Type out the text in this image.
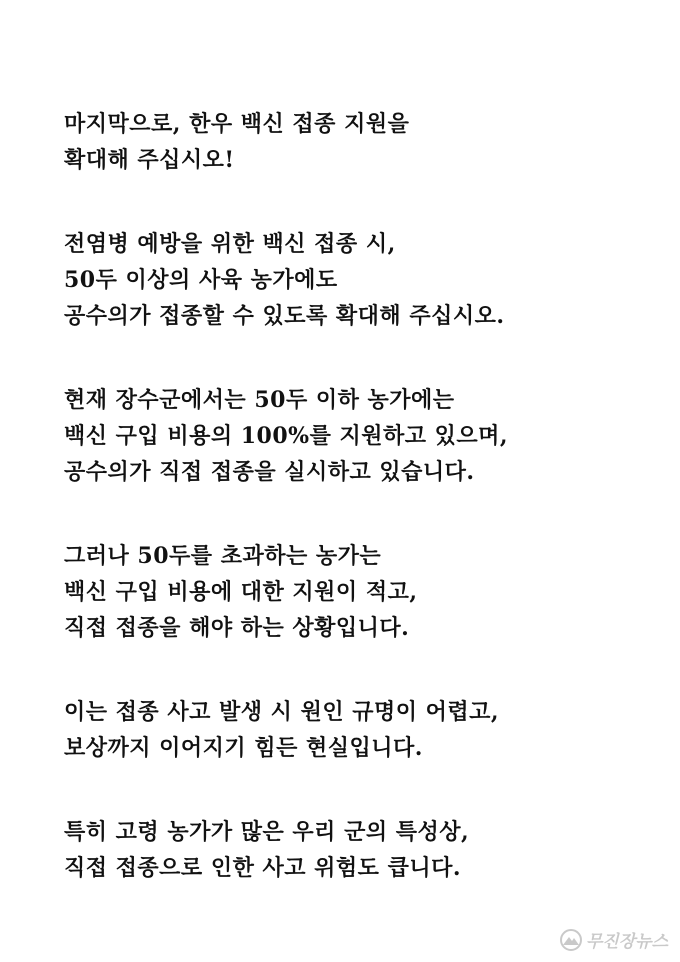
마지막으로, 한우 백신 접종 지원을
확대해 주십시오!
전염병 예방을 위한 백신 접종 시,
50두 이상의 사육 농가에도
공수의가 접종할 수 있도록 확대해 주십시오.
현재 장수군에서는 50두 이하 농가에는
백신 구입 비용의 100%를 지원하고 있으며,
공수의가 직접 접종을 실시하고 있습니다.
그러나 50두를 초과하는 농가는
백신 구입 비용에 대한 지원이 적고,
직접 접종을 해야 하는 상황입니다.
이는 접종 사고 발생 시 원인 규명이 어렵고,
보상까지 이어지기 힘든 현실입니다.
특히 고령 농가가 많은 우리 군의 특성상,
직접 접종으로 인한 사고 위험도 큽니다.
무진장뉴스
